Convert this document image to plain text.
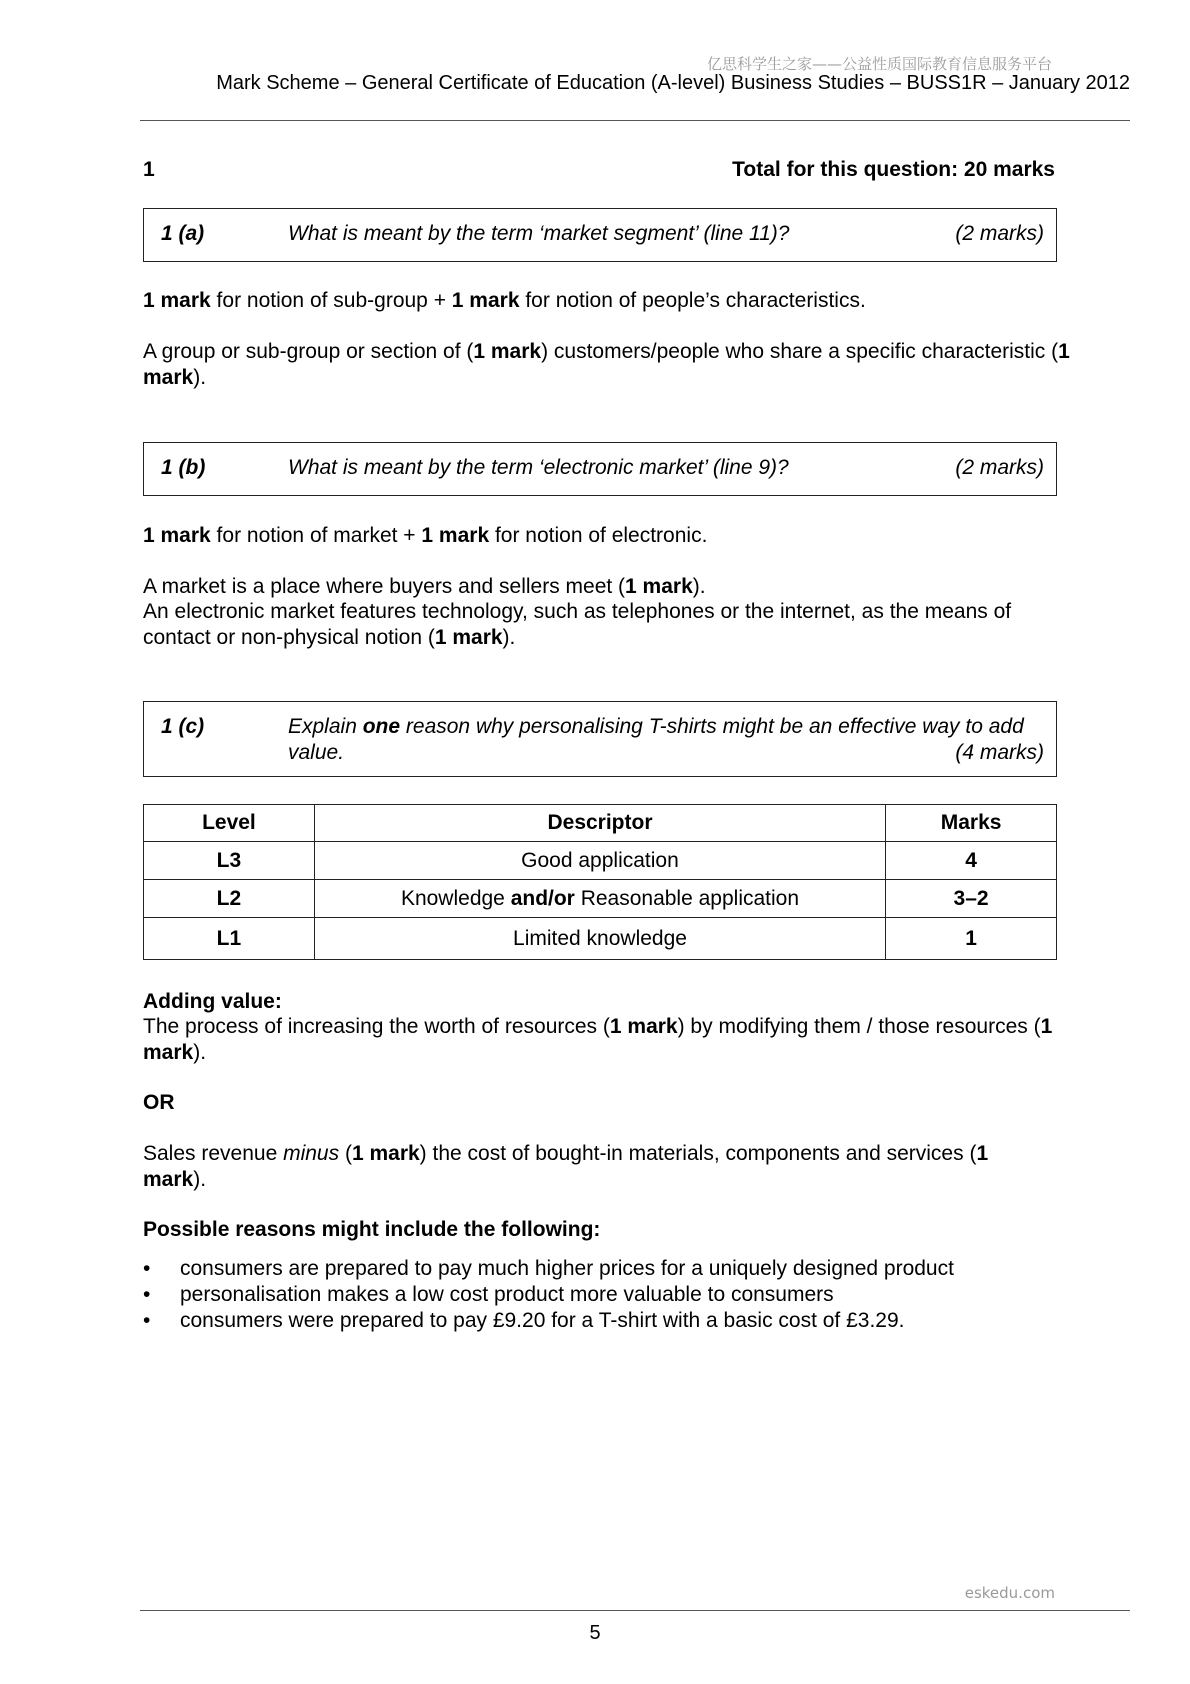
亿思科学生之家——公益性质国际教育信息服务平台
Mark Scheme – General Certificate of Education (A-level) Business Studies – BUSS1R – January 2012
1	Total for this question: 20 marks
1 (a)	What is meant by the term ‘market segment’ (line 11)?	(2 marks)

1 mark for notion of sub-group + 1 mark for notion of people’s characteristics.

A group or sub-group or section of (1 mark) customers/people who share a specific characteristic (1 mark).

1 (b)	What is meant by the term ‘electronic market’ (line 9)?	(2 marks)

1 mark for notion of market + 1 mark for notion of electronic.

A market is a place where buyers and sellers meet (1 mark).

An electronic market features technology, such as telephones or the internet, as the means of contact or non-physical notion (1 mark).

1 (c)	Explain one reason why personalising T-shirts might be an effective way to add value.	(4 marks)
Level	Descriptor	Marks
L3	Good application	4
L2	Knowledge and/or Reasonable application	3–2
L1	Limited knowledge	1

Adding value:

The process of increasing the worth of resources (1 mark) by modifying them / those resources (1 mark).

OR

Sales revenue minus (1 mark) the cost of bought-in materials, components and services (1 mark).

Possible reasons might include the following:

• consumers are prepared to pay much higher prices for a uniquely designed product
• personalisation makes a low cost product more valuable to consumers
• consumers were prepared to pay £9.20 for a T-shirt with a basic cost of £3.29.
eskedu.com
5
